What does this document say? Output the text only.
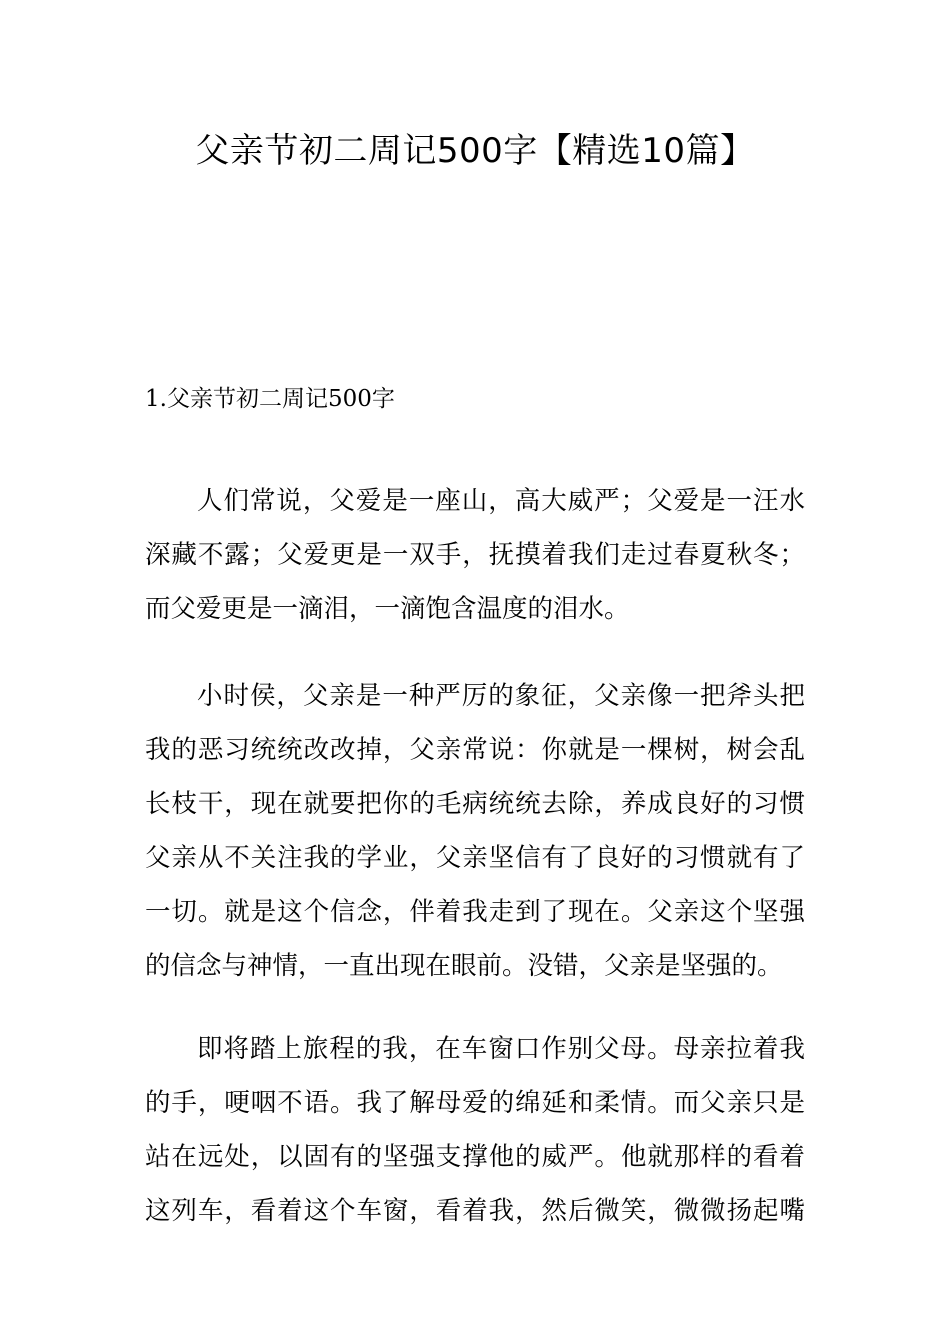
父亲节初二周记500字【精选10篇】
1.父亲节初二周记500字
人们常说，父爱是一座山，高大威严；父爱是一汪水
深藏不露；父爱更是一双手，抚摸着我们走过春夏秋冬；
而父爱更是一滴泪，一滴饱含温度的泪水。
小时侯，父亲是一种严厉的象征，父亲像一把斧头把
我的恶习统统改改掉，父亲常说：你就是一棵树，树会乱
长枝干，现在就要把你的毛病统统去除，养成良好的习惯
父亲从不关注我的学业，父亲坚信有了良好的习惯就有了
一切。就是这个信念，伴着我走到了现在。父亲这个坚强
的信念与神情，一直出现在眼前。没错，父亲是坚强的。
即将踏上旅程的我，在车窗口作别父母。母亲拉着我
的手，哽咽不语。我了解母爱的绵延和柔情。而父亲只是
站在远处，以固有的坚强支撑他的威严。他就那样的看着
这列车，看着这个车窗，看着我，然后微笑，微微扬起嘴
